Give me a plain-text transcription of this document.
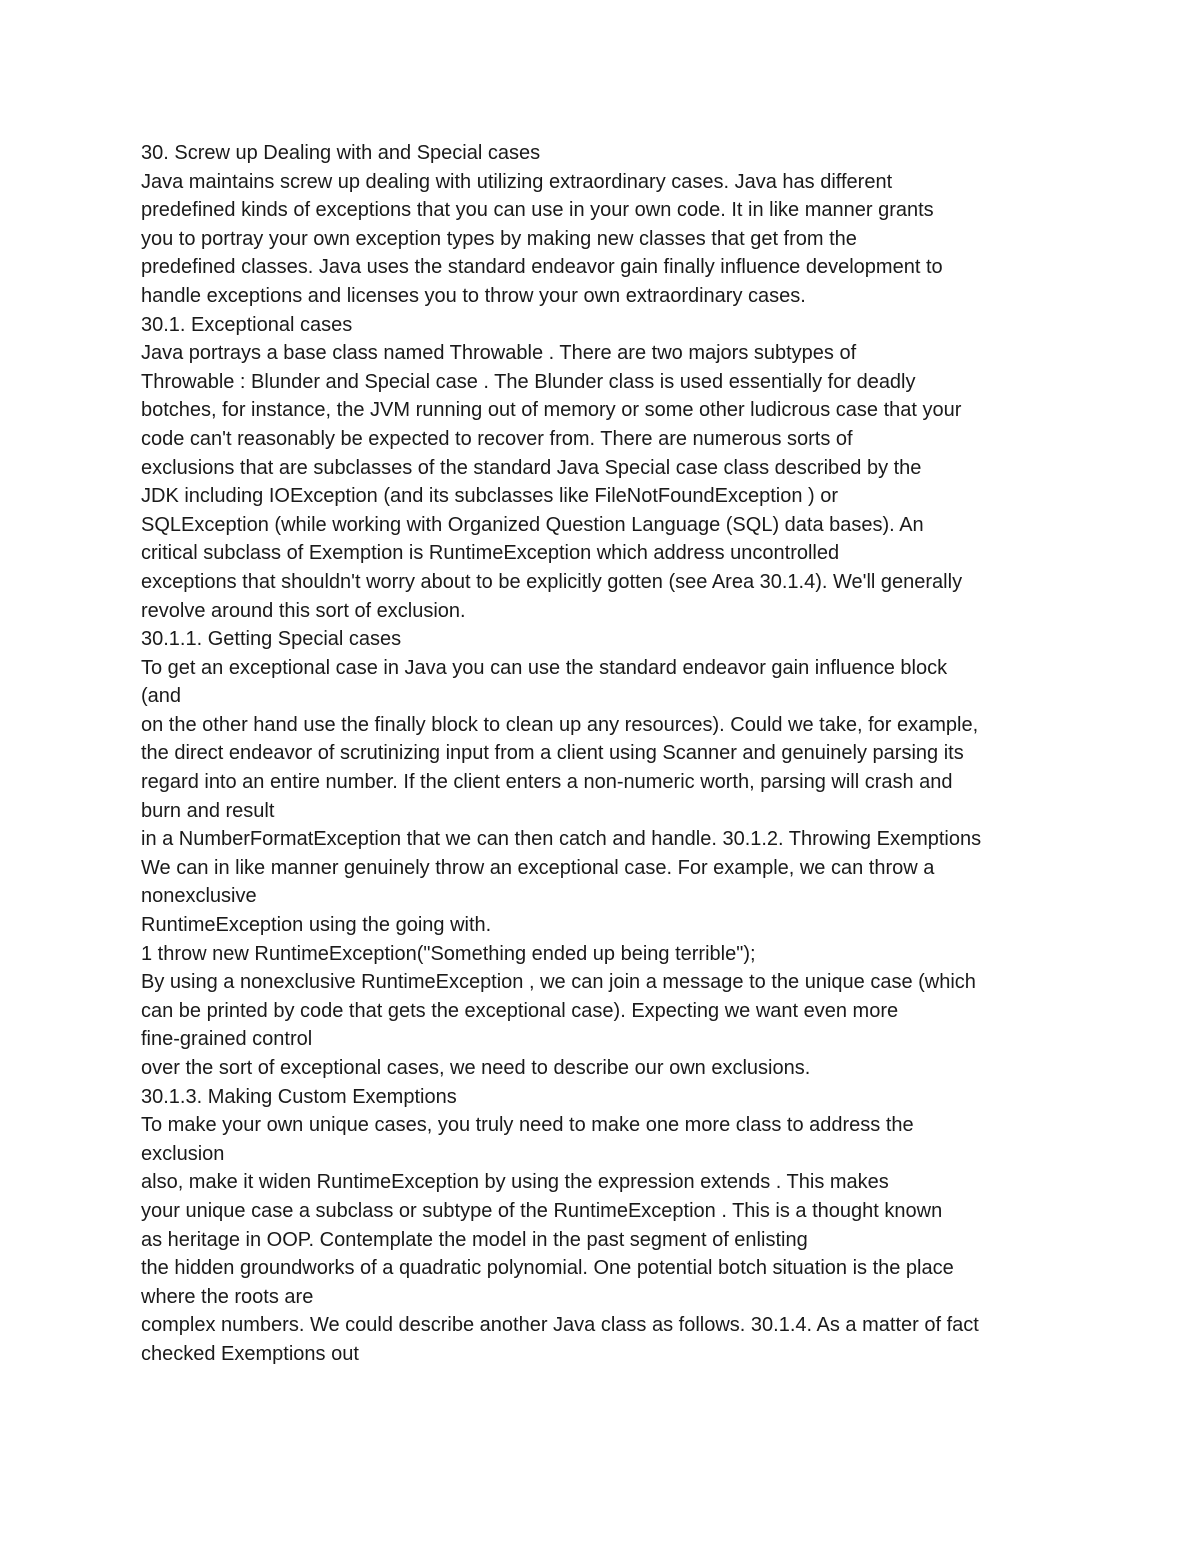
30. Screw up Dealing with and Special cases
Java maintains screw up dealing with utilizing extraordinary cases. Java has different
predefined kinds of exceptions that you can use in your own code. It in like manner grants
you to portray your own exception types by making new classes that get from the
predefined classes. Java uses the standard endeavor gain finally influence development to
handle exceptions and licenses you to throw your own extraordinary cases.
30.1. Exceptional cases
Java portrays a base class named Throwable . There are two majors subtypes of
Throwable : Blunder and Special case . The Blunder class is used essentially for deadly
botches, for instance, the JVM running out of memory or some other ludicrous case that your
code can't reasonably be expected to recover from. There are numerous sorts of
exclusions that are subclasses of the standard Java Special case class described by the
JDK including IOException (and its subclasses like FileNotFoundException ) or
SQLException (while working with Organized Question Language (SQL) data bases). An
critical subclass of Exemption is RuntimeException which address uncontrolled
exceptions that shouldn't worry about to be explicitly gotten (see Area 30.1.4). We'll generally
revolve around this sort of exclusion.
30.1.1. Getting Special cases
To get an exceptional case in Java you can use the standard endeavor gain influence block
(and
on the other hand use the finally block to clean up any resources). Could we take, for example,
the direct endeavor of scrutinizing input from a client using Scanner and genuinely parsing its
regard into an entire number. If the client enters a non-numeric worth, parsing will crash and
burn and result
in a NumberFormatException that we can then catch and handle. 30.1.2. Throwing Exemptions
We can in like manner genuinely throw an exceptional case. For example, we can throw a
nonexclusive
RuntimeException using the going with.
1 throw new RuntimeException("Something ended up being terrible");
By using a nonexclusive RuntimeException , we can join a message to the unique case (which
can be printed by code that gets the exceptional case). Expecting we want even more
fine-grained control
over the sort of exceptional cases, we need to describe our own exclusions.
30.1.3. Making Custom Exemptions
To make your own unique cases, you truly need to make one more class to address the
exclusion
also, make it widen RuntimeException by using the expression extends . This makes
your unique case a subclass or subtype of the RuntimeException . This is a thought known
as heritage in OOP. Contemplate the model in the past segment of enlisting
the hidden groundworks of a quadratic polynomial. One potential botch situation is the place
where the roots are
complex numbers. We could describe another Java class as follows. 30.1.4. As a matter of fact
checked Exemptions out
